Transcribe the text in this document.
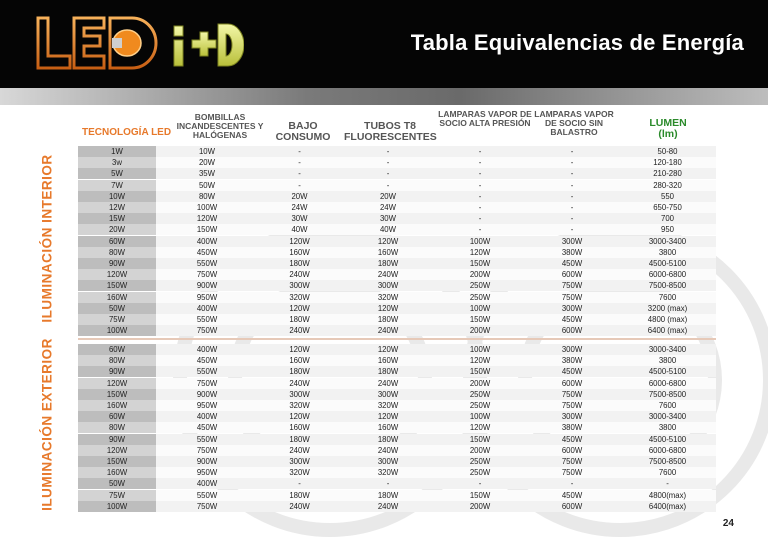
Tabla Equivalencias de Energía
TECNOLOGÍA LED
BOMBILLAS INCANDESCENTES Y HALÓGENAS
BAJO CONSUMO
TUBOS T8 FLUORESCENTES
LAMPARAS VAPOR DE SOCIO ALTA PRESIÓN
LAMPARAS VAPOR DE SOCIO SIN BALASTRO
LUMEN (lm)
ILUMINACIÓN INTERIOR
ILUMINACIÓN EXTERIOR
1W	10W	-	-	-	-	50-80
3w	20W	-	-	-	-	120-180
5W	35W	-	-	-	-	210-280
7W	50W	-	-	-	-	280-320
10W	80W	20W	20W	-	-	550
12W	100W	24W	24W	-	-	650-750
15W	120W	30W	30W	-	-	700
20W	150W	40W	40W	-	-	950
60W	400W	120W	120W	100W	300W	3000-3400
80W	450W	160W	160W	120W	380W	3800
90W	550W	180W	180W	150W	450W	4500-5100
120W	750W	240W	240W	200W	600W	6000-6800
150W	900W	300W	300W	250W	750W	7500-8500
160W	950W	320W	320W	250W	750W	7600
50W	400W	120W	120W	100W	300W	3200 (max)
75W	550W	180W	180W	150W	450W	4800 (max)
100W	750W	240W	240W	200W	600W	6400 (max)
60W	400W	120W	120W	100W	300W	3000-3400
80W	450W	160W	160W	120W	380W	3800
90W	550W	180W	180W	150W	450W	4500-5100
120W	750W	240W	240W	200W	600W	6000-6800
150W	900W	300W	300W	250W	750W	7500-8500
160W	950W	320W	320W	250W	750W	7600
60W	400W	120W	120W	100W	300W	3000-3400
80W	450W	160W	160W	120W	380W	3800
90W	550W	180W	180W	150W	450W	4500-5100
120W	750W	240W	240W	200W	600W	6000-6800
150W	900W	300W	300W	250W	750W	7500-8500
160W	950W	320W	320W	250W	750W	7600
50W	400W	-	-	-	-	-
75W	550W	180W	180W	150W	450W	4800(max)
100W	750W	240W	240W	200W	600W	6400(max)
24
